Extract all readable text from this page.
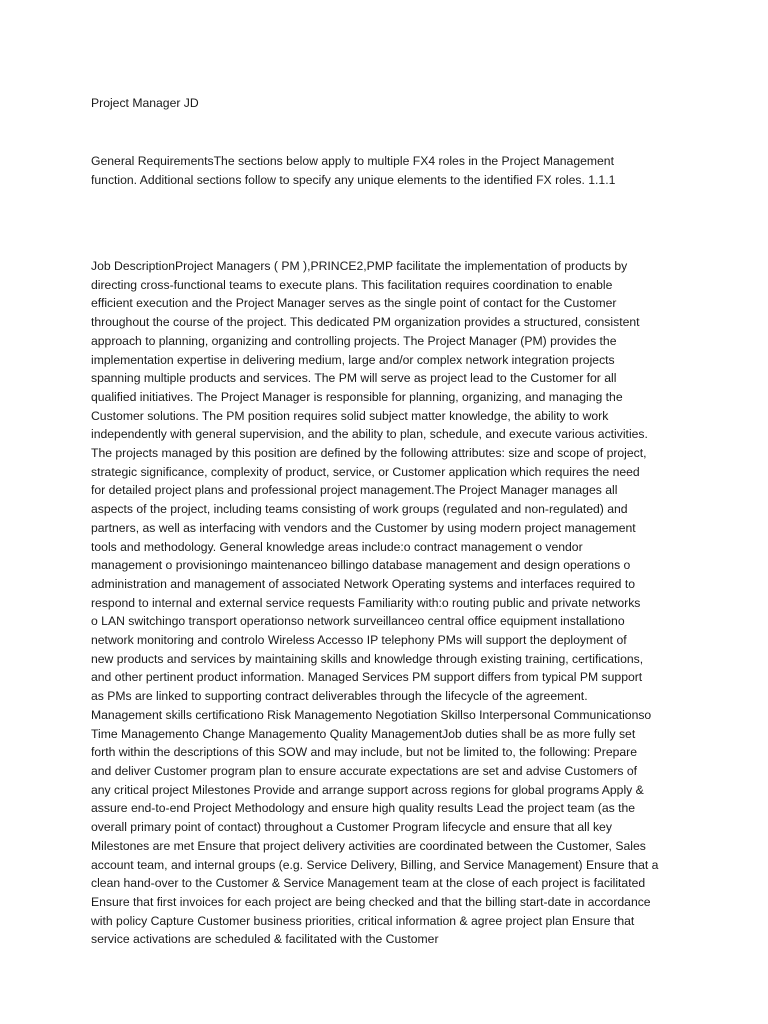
Project Manager JD

General RequirementsThe sections below apply to multiple FX4 roles in the Project Management
function. Additional sections follow to specify any unique elements to the identified FX roles. 1.1.1

Job DescriptionProject Managers ( PM ),PRINCE2,PMP facilitate the implementation of products by
directing cross-functional teams to execute plans. This facilitation requires coordination to enable
efficient execution and the Project Manager serves as the single point of contact for the Customer
throughout the course of the project. This dedicated PM organization provides a structured, consistent
approach to planning, organizing and controlling projects. The Project Manager (PM) provides the
implementation expertise in delivering medium, large and/or complex network integration projects
spanning multiple products and services. The PM will serve as project lead to the Customer for all
qualified initiatives. The Project Manager is responsible for planning, organizing, and managing the
Customer solutions. The PM position requires solid subject matter knowledge, the ability to work
independently with general supervision, and the ability to plan, schedule, and execute various activities.
The projects managed by this position are defined by the following attributes: size and scope of project,
strategic significance, complexity of product, service, or Customer application which requires the need
for detailed project plans and professional project management.The Project Manager manages all
aspects of the project, including teams consisting of work groups (regulated and non-regulated) and
partners, as well as interfacing with vendors and the Customer by using modern project management
tools and methodology. General knowledge areas include:o contract management o vendor
management o provisioningo maintenanceo billingo database management and design operations o
administration and management of associated Network Operating systems and interfaces required to
respond to internal and external service requests Familiarity with:o routing public and private networks
o LAN switchingo transport operationso network surveillanceo central office equipment installationo
network monitoring and controlo Wireless Accesso IP telephony PMs will support the deployment of
new products and services by maintaining skills and knowledge through existing training, certifications,
and other pertinent product information. Managed Services PM support differs from typical PM support
as PMs are linked to supporting contract deliverables through the lifecycle of the agreement.
Management skills certificationo Risk Managemento Negotiation Skillso Interpersonal Communicationso
Time Managemento Change Managemento Quality ManagementJob duties shall be as more fully set
forth within the descriptions of this SOW and may include, but not be limited to, the following: Prepare
and deliver Customer program plan to ensure accurate expectations are set and advise Customers of
any critical project Milestones Provide and arrange support across regions for global programs Apply &
assure end-to-end Project Methodology and ensure high quality results Lead the project team (as the
overall primary point of contact) throughout a Customer Program lifecycle and ensure that all key
Milestones are met Ensure that project delivery activities are coordinated between the Customer, Sales
account team, and internal groups (e.g. Service Delivery, Billing, and Service Management) Ensure that a
clean hand-over to the Customer & Service Management team at the close of each project is facilitated
Ensure that first invoices for each project are being checked and that the billing start-date in accordance
with policy Capture Customer business priorities, critical information & agree project plan Ensure that
service activations are scheduled & facilitated with the Customer
